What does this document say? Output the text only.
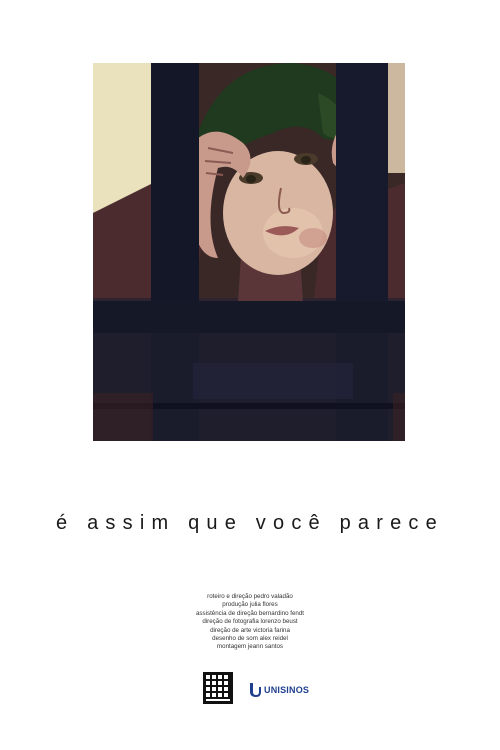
é assim que você parece
roteiro e direção pedro valadão
produção julia flores
assistência de direção bernardino fendt
direção de fotografia lorenzo beust
direção de arte victoria farina
desenho de som alex reidel
montagem jeann santos
UNISINOS
